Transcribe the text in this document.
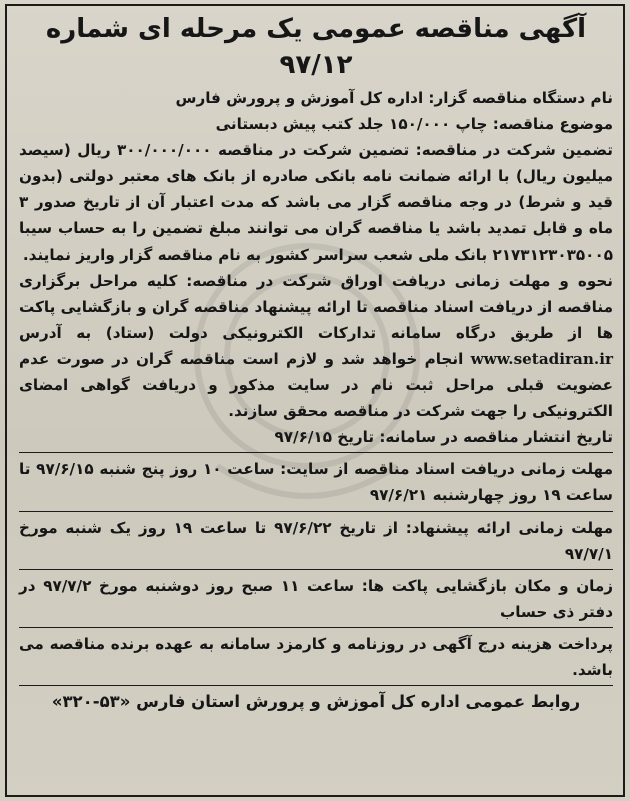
آگهی مناقصه عمومی یک مرحله ای شماره ۹۷/۱۲
نام دستگاه مناقصه گزار: اداره کل آموزش و پرورش فارس
موضوع مناقصه: چاپ ۱۵۰/۰۰۰ جلد کتب پیش دبستانی
تضمین شرکت در مناقصه: تضمین شرکت در مناقصه ۳۰۰/۰۰۰/۰۰۰ ریال (سیصد میلیون ریال) با ارائه ضمانت نامه بانکی صادره از بانک های معتبر دولتی (بدون قید و شرط) در وجه مناقصه گزار می باشد که مدت اعتبار آن از تاریخ صدور ۳ ماه و قابل تمدید باشد یا مناقصه گران می توانند مبلغ تضمین را به حساب سیبا ۲۱۷۳۱۲۳۰۳۵۰۰۵ بانک ملی شعب سراسر کشور به نام مناقصه گزار واریز نمایند.
نحوه و مهلت زمانی دریافت اوراق شرکت در مناقصه: کلیه مراحل برگزاری مناقصه از دریافت اسناد مناقصه تا ارائه پیشنهاد مناقصه گران و بازگشایی پاکت ها از طریق درگاه سامانه تدارکات الکترونیکی دولت (ستاد) به آدرس www.setadiran.ir انجام خواهد شد و لازم است مناقصه گران در صورت عدم عضویت قبلی مراحل ثبت نام در سایت مذکور و دریافت گواهی امضای الکترونیکی را جهت شرکت در مناقصه محقق سازند.
تاریخ انتشار مناقصه در سامانه: تاریخ ۹۷/۶/۱۵
مهلت زمانی دریافت اسناد مناقصه از سایت: ساعت ۱۰ روز پنج شنبه ۹۷/۶/۱۵ تا ساعت ۱۹ روز چهارشنبه ۹۷/۶/۲۱
مهلت زمانی ارائه پیشنهاد: از تاریخ ۹۷/۶/۲۲ تا ساعت ۱۹ روز یک شنبه مورخ ۹۷/۷/۱
زمان و مکان بازگشایی پاکت ها: ساعت ۱۱ صبح روز دوشنبه مورخ ۹۷/۷/۲ در دفتر ذی حساب
پرداخت هزینه درج آگهی در روزنامه و کارمزد سامانه به عهده برنده مناقصه می باشد.
روابط عمومی اداره کل آموزش و پرورش استان فارس «۵۳-۳۲۰»
